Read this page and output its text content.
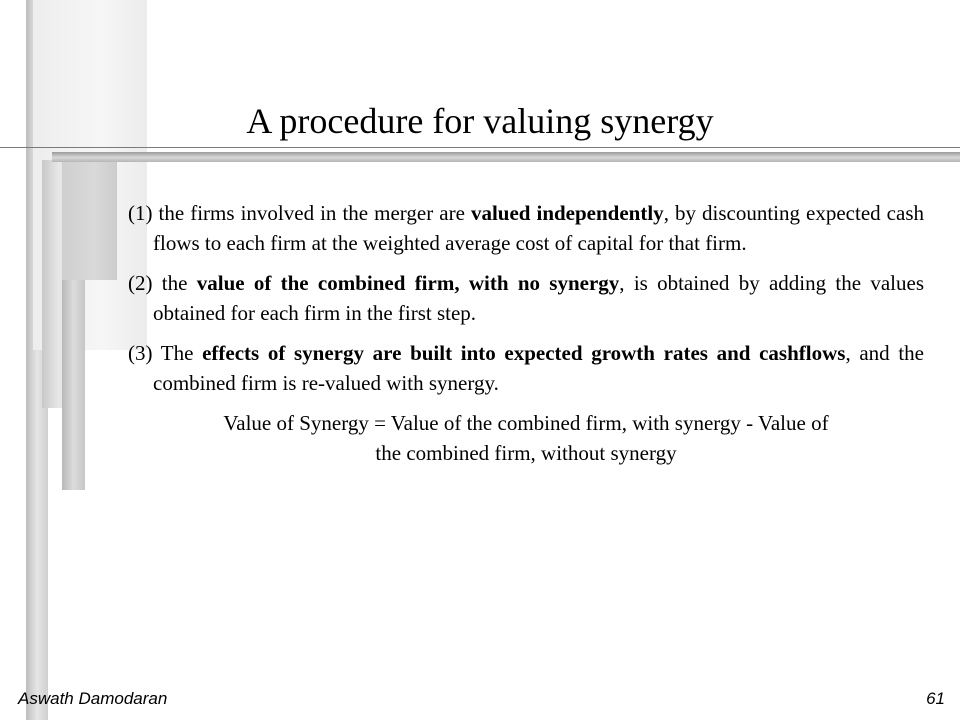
A procedure for valuing synergy

(1) the firms involved in the merger are valued independently, by discounting expected cash flows to each firm at the weighted average cost of capital for that firm.

(2) the value of the combined firm, with no synergy, is obtained by adding the values obtained for each firm in the first step.

(3) The effects of synergy are built into expected growth rates and cashflows, and the combined firm is re-valued with synergy.

Value of Synergy = Value of the combined firm, with synergy - Value of

the combined firm, without synergy

Aswath Damodaran	61
